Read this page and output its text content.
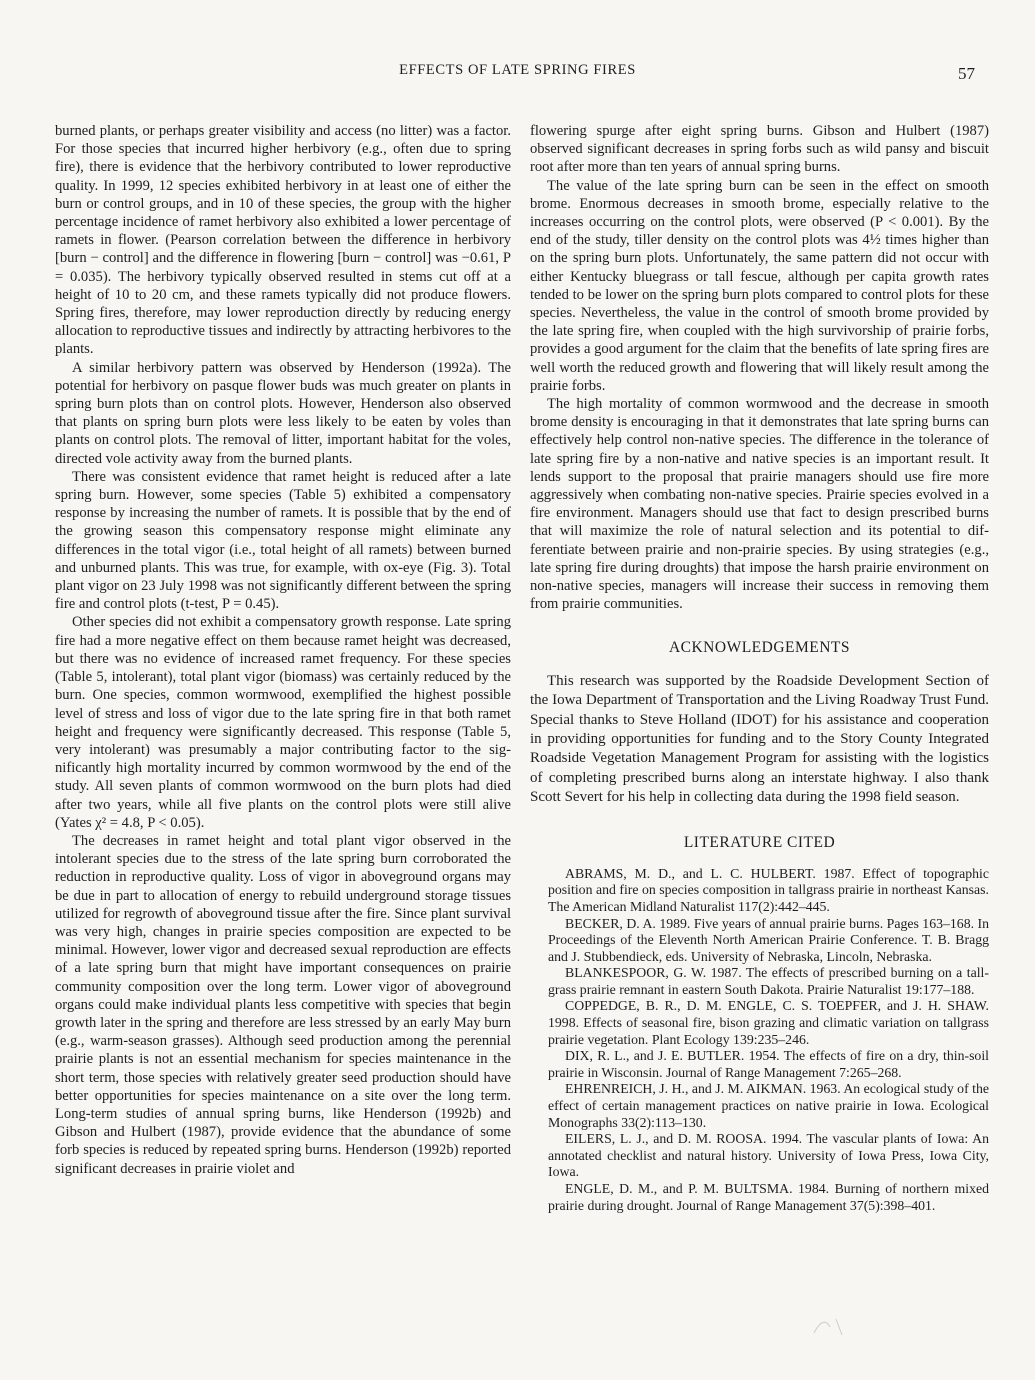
EFFECTS OF LATE SPRING FIRES	57

burned plants, or perhaps greater visibility and access (no litter) was a factor. For those species that incurred higher herbivory (e.g., often due to spring fire), there is evidence that the herbivory contributed to lower reproductive quality. In 1999, 12 species exhibited herbivory in at least one of either the burn or control groups, and in 10 of these species, the group with the higher percentage incidence of ramet herbivory also exhibited a lower percentage of ramets in flower. (Pearson correlation between the difference in herbivory [burn − control] and the difference in flowering [burn − control] was −0.61, P = 0.035). The herbivory typically observed resulted in stems cut off at a height of 10 to 20 cm, and these ramets typically did not produce flowers. Spring fires, therefore, may lower reproduction directly by reducing energy allocation to reproductive tissues and indirectly by attracting herbivores to the plants.

A similar herbivory pattern was observed by Henderson (1992a). The potential for herbivory on pasque flower buds was much greater on plants in spring burn plots than on control plots. However, Henderson also observed that plants on spring burn plots were less likely to be eaten by voles than plants on control plots. The removal of litter, important habitat for the voles, directed vole activity away from the burned plants.

There was consistent evidence that ramet height is reduced after a late spring burn. However, some species (Table 5) exhibited a compensatory response by increasing the number of ramets. It is possible that by the end of the growing season this compensatory response might eliminate any differences in the total vigor (i.e., total height of all ramets) between burned and unburned plants. This was true, for example, with ox-eye (Fig. 3). Total plant vigor on 23 July 1998 was not significantly different between the spring fire and control plots (t-test, P = 0.45).

Other species did not exhibit a compensatory growth response. Late spring fire had a more negative effect on them because ramet height was decreased, but there was no evidence of increased ramet frequency. For these species (Table 5, intolerant), total plant vigor (biomass) was certainly reduced by the burn. One species, common wormwood, exemplified the highest possible level of stress and loss of vigor due to the late spring fire in that both ramet height and frequency were significantly decreased. This response (Table 5, very intolerant) was presumably a major contributing factor to the significantly high mortality incurred by common wormwood by the end of the study. All seven plants of common wormwood on the burn plots had died after two years, while all five plants on the control plots were still alive (Yates χ² = 4.8, P < 0.05).

The decreases in ramet height and total plant vigor observed in the intolerant species due to the stress of the late spring burn corroborated the reduction in reproductive quality. Loss of vigor in aboveground organs may be due in part to allocation of energy to rebuild underground storage tissues utilized for regrowth of aboveground tissue after the fire. Since plant survival was very high, changes in prairie species composition are expected to be minimal. However, lower vigor and decreased sexual reproduction are effects of a late spring burn that might have important consequences on prairie community composition over the long term. Lower vigor of aboveground organs could make individual plants less competitive with species that begin growth later in the spring and therefore are less stressed by an early May burn (e.g., warm-season grasses). Although seed production among the perennial prairie plants is not an essential mechanism for species maintenance in the short term, those species with relatively greater seed production should have better opportunities for species maintenance on a site over the long term. Long-term studies of annual spring burns, like Henderson (1992b) and Gibson and Hulbert (1987), provide evidence that the abundance of some forb species is reduced by repeated spring burns. Henderson (1992b) reported significant decreases in prairie violet and

flowering spurge after eight spring burns. Gibson and Hulbert (1987) observed significant decreases in spring forbs such as wild pansy and biscuit root after more than ten years of annual spring burns.

The value of the late spring burn can be seen in the effect on smooth brome. Enormous decreases in smooth brome, especially relative to the increases occurring on the control plots, were observed (P < 0.001). By the end of the study, tiller density on the control plots was 4½ times higher than on the spring burn plots. Unfortunately, the same pattern did not occur with either Kentucky bluegrass or tall fescue, although per capita growth rates tended to be lower on the spring burn plots compared to control plots for these species. Nevertheless, the value in the control of smooth brome provided by the late spring fire, when coupled with the high survivorship of prairie forbs, provides a good argument for the claim that the benefits of late spring fires are well worth the reduced growth and flowering that will likely result among the prairie forbs.

The high mortality of common wormwood and the decrease in smooth brome density is encouraging in that it demonstrates that late spring burns can effectively help control non-native species. The difference in the tolerance of late spring fire by a non-native and native species is an important result. It lends support to the proposal that prairie managers should use fire more aggressively when combating non-native species. Prairie species evolved in a fire environment. Managers should use that fact to design prescribed burns that will maximize the role of natural selection and its potential to differentiate between prairie and non-prairie species. By using strategies (e.g., late spring fire during droughts) that impose the harsh prairie environment on non-native species, managers will increase their success in removing them from prairie communities.

ACKNOWLEDGEMENTS

This research was supported by the Roadside Development Section of the Iowa Department of Transportation and the Living Roadway Trust Fund. Special thanks to Steve Holland (IDOT) for his assistance and cooperation in providing opportunities for funding and to the Story County Integrated Roadside Vegetation Management Program for assisting with the logistics of completing prescribed burns along an interstate highway. I also thank Scott Severt for his help in collecting data during the 1998 field season.

LITERATURE CITED

ABRAMS, M. D., and L. C. HULBERT. 1987. Effect of topographic position and fire on species composition in tallgrass prairie in northeast Kansas. The American Midland Naturalist 117(2):442–445.

BECKER, D. A. 1989. Five years of annual prairie burns. Pages 163–168. In Proceedings of the Eleventh North American Prairie Conference. T. B. Bragg and J. Stubbendieck, eds. University of Nebraska, Lincoln, Nebraska.

BLANKESPOOR, G. W. 1987. The effects of prescribed burning on a tallgrass prairie remnant in eastern South Dakota. Prairie Naturalist 19:177–188.

COPPEDGE, B. R., D. M. ENGLE, C. S. TOEPFER, and J. H. SHAW. 1998. Effects of seasonal fire, bison grazing and climatic variation on tallgrass prairie vegetation. Plant Ecology 139:235–246.

DIX, R. L., and J. E. BUTLER. 1954. The effects of fire on a dry, thin-soil prairie in Wisconsin. Journal of Range Management 7:265–268.

EHRENREICH, J. H., and J. M. AIKMAN. 1963. An ecological study of the effect of certain management practices on native prairie in Iowa. Ecological Monographs 33(2):113–130.

EILERS, L. J., and D. M. ROOSA. 1994. The vascular plants of Iowa: An annotated checklist and natural history. University of Iowa Press, Iowa City, Iowa.

ENGLE, D. M., and P. M. BULTSMA. 1984. Burning of northern mixed prairie during drought. Journal of Range Management 37(5):398–401.
